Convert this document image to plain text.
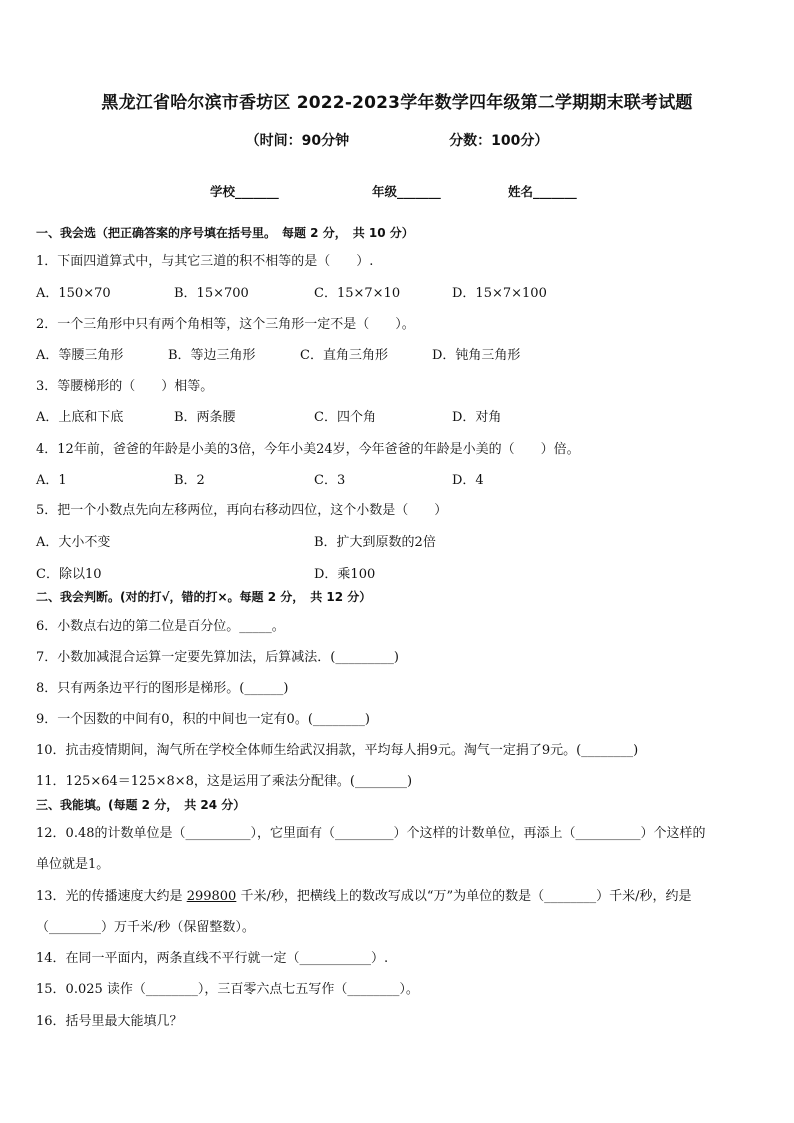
黑龙江省哈尔滨市香坊区 2022-2023学年数学四年级第二学期期末联考试题
（时间：90分钟	分数：100分）
学校_______	年级_______	姓名_______
一、我会选（把正确答案的序号填在括号里。　每题 2 分，　共 10 分）
1．下面四道算式中，与其它三道的积不相等的是（　　）.
A．150×70	B．15×700	C．15×7×10	D．15×7×100
2．一个三角形中只有两个角相等，这个三角形一定不是（　　）。
A．等腰三角形	B．等边三角形	C．直角三角形	D．钝角三角形
3．等腰梯形的（　　）相等。
A．上底和下底	B．两条腰	C．四个角	D．对角
4．12年前，爸爸的年龄是小美的3倍，今年小美24岁，今年爸爸的年龄是小美的（　　）倍。
A．1	B．2	C．3	D．4
5．把一个小数点先向左移两位，再向右移动四位，这个小数是（　　）
A．大小不变	B．扩大到原数的2倍
C．除以10	D．乘100
二、我会判断。(对的打√，错的打×。每题 2 分，　共 12 分）
6．小数点右边的第二位是百分位。_____。
7．小数加减混合运算一定要先算加法，后算减法．(_________)
8．只有两条边平行的图形是梯形。(______)
9．一个因数的中间有0，积的中间也一定有0。(________)
10．抗击疫情期间，淘气所在学校全体师生给武汉捐款，平均每人捐9元。淘气一定捐了9元。(________)
11．125×64＝125×8×8，这是运用了乘法分配律。(________)
三、我能填。(每题 2 分，　共 24 分）
12．0.48的计数单位是（__________），它里面有（_________）个这样的计数单位，再添上（__________）个这样的
单位就是1。
13．光的传播速度大约是 299800 千米/秒，把横线上的数改写成以“万”为单位的数是（________）千米/秒，约是
（________）万千米/秒（保留整数）。
14．在同一平面内，两条直线不平行就一定（___________）.
15．0.025 读作（________），三百零六点七五写作（________）。
16．括号里最大能填几？
